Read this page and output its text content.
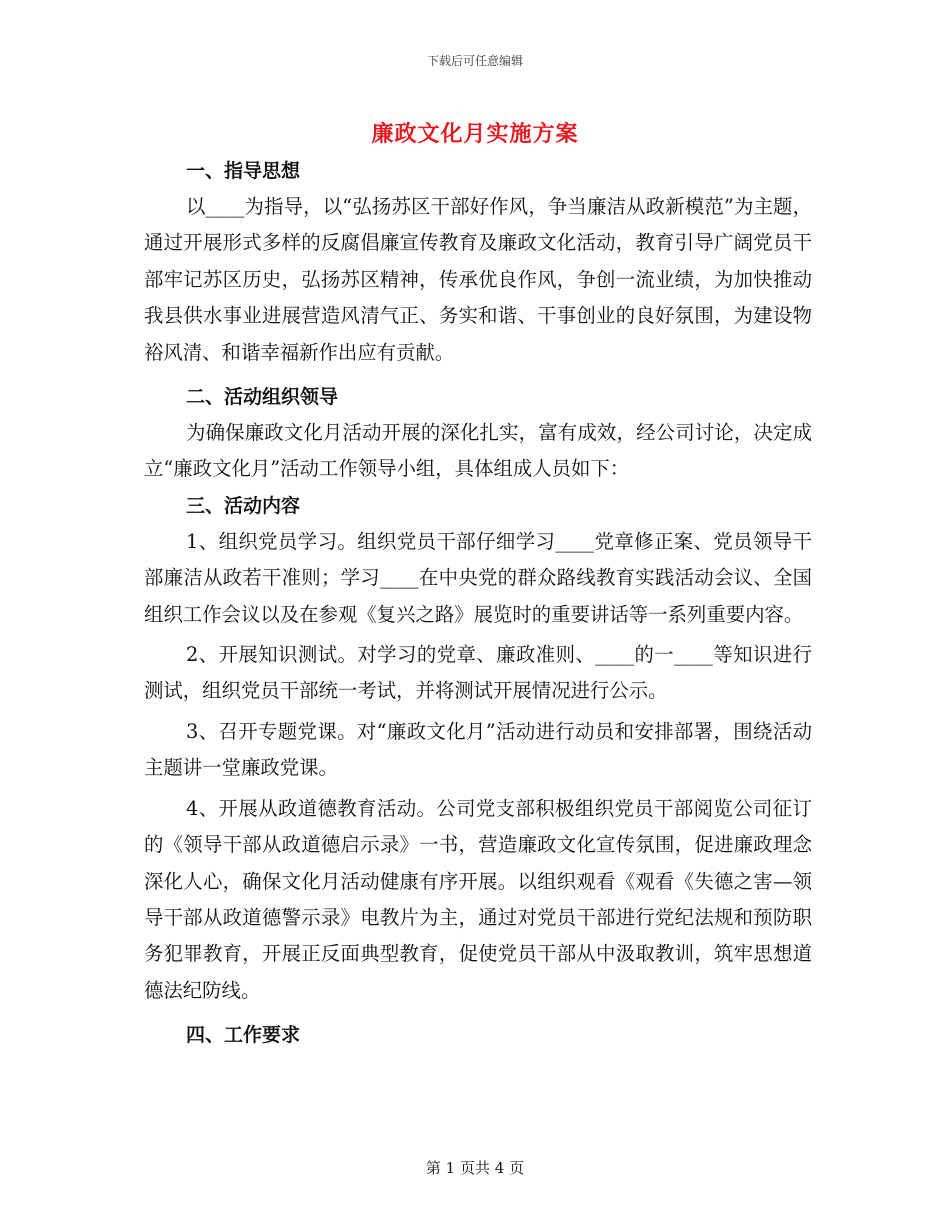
下载后可任意编辑
廉政文化月实施方案
一、指导思想

以____为指导，以“弘扬苏区干部好作风，争当廉洁从政新模范”为主题，通过开展形式多样的反腐倡廉宣传教育及廉政文化活动，教育引导广阔党员干部牢记苏区历史，弘扬苏区精神，传承优良作风，争创一流业绩，为加快推动我县供水事业进展营造风清气正、务实和谐、干事创业的良好氛围，为建设物裕风清、和谐幸福新作出应有贡献。

二、活动组织领导

为确保廉政文化月活动开展的深化扎实，富有成效，经公司讨论，决定成立“廉政文化月”活动工作领导小组，具体组成人员如下：

三、活动内容

1、组织党员学习。组织党员干部仔细学习____党章修正案、党员领导干部廉洁从政若干准则；学习____在中央党的群众路线教育实践活动会议、全国组织工作会议以及在参观《复兴之路》展览时的重要讲话等一系列重要内容。

2、开展知识测试。对学习的党章、廉政准则、____的一____等知识进行测试，组织党员干部统一考试，并将测试开展情况进行公示。

3、召开专题党课。对“廉政文化月”活动进行动员和安排部署，围绕活动主题讲一堂廉政党课。

4、开展从政道德教育活动。公司党支部积极组织党员干部阅览公司征订的《领导干部从政道德启示录》一书，营造廉政文化宣传氛围，促进廉政理念深化人心，确保文化月活动健康有序开展。以组织观看《观看《失德之害—领导干部从政道德警示录》电教片为主，通过对党员干部进行党纪法规和预防职务犯罪教育，开展正反面典型教育，促使党员干部从中汲取教训，筑牢思想道德法纪防线。

四、工作要求
第 1 页共 4 页
